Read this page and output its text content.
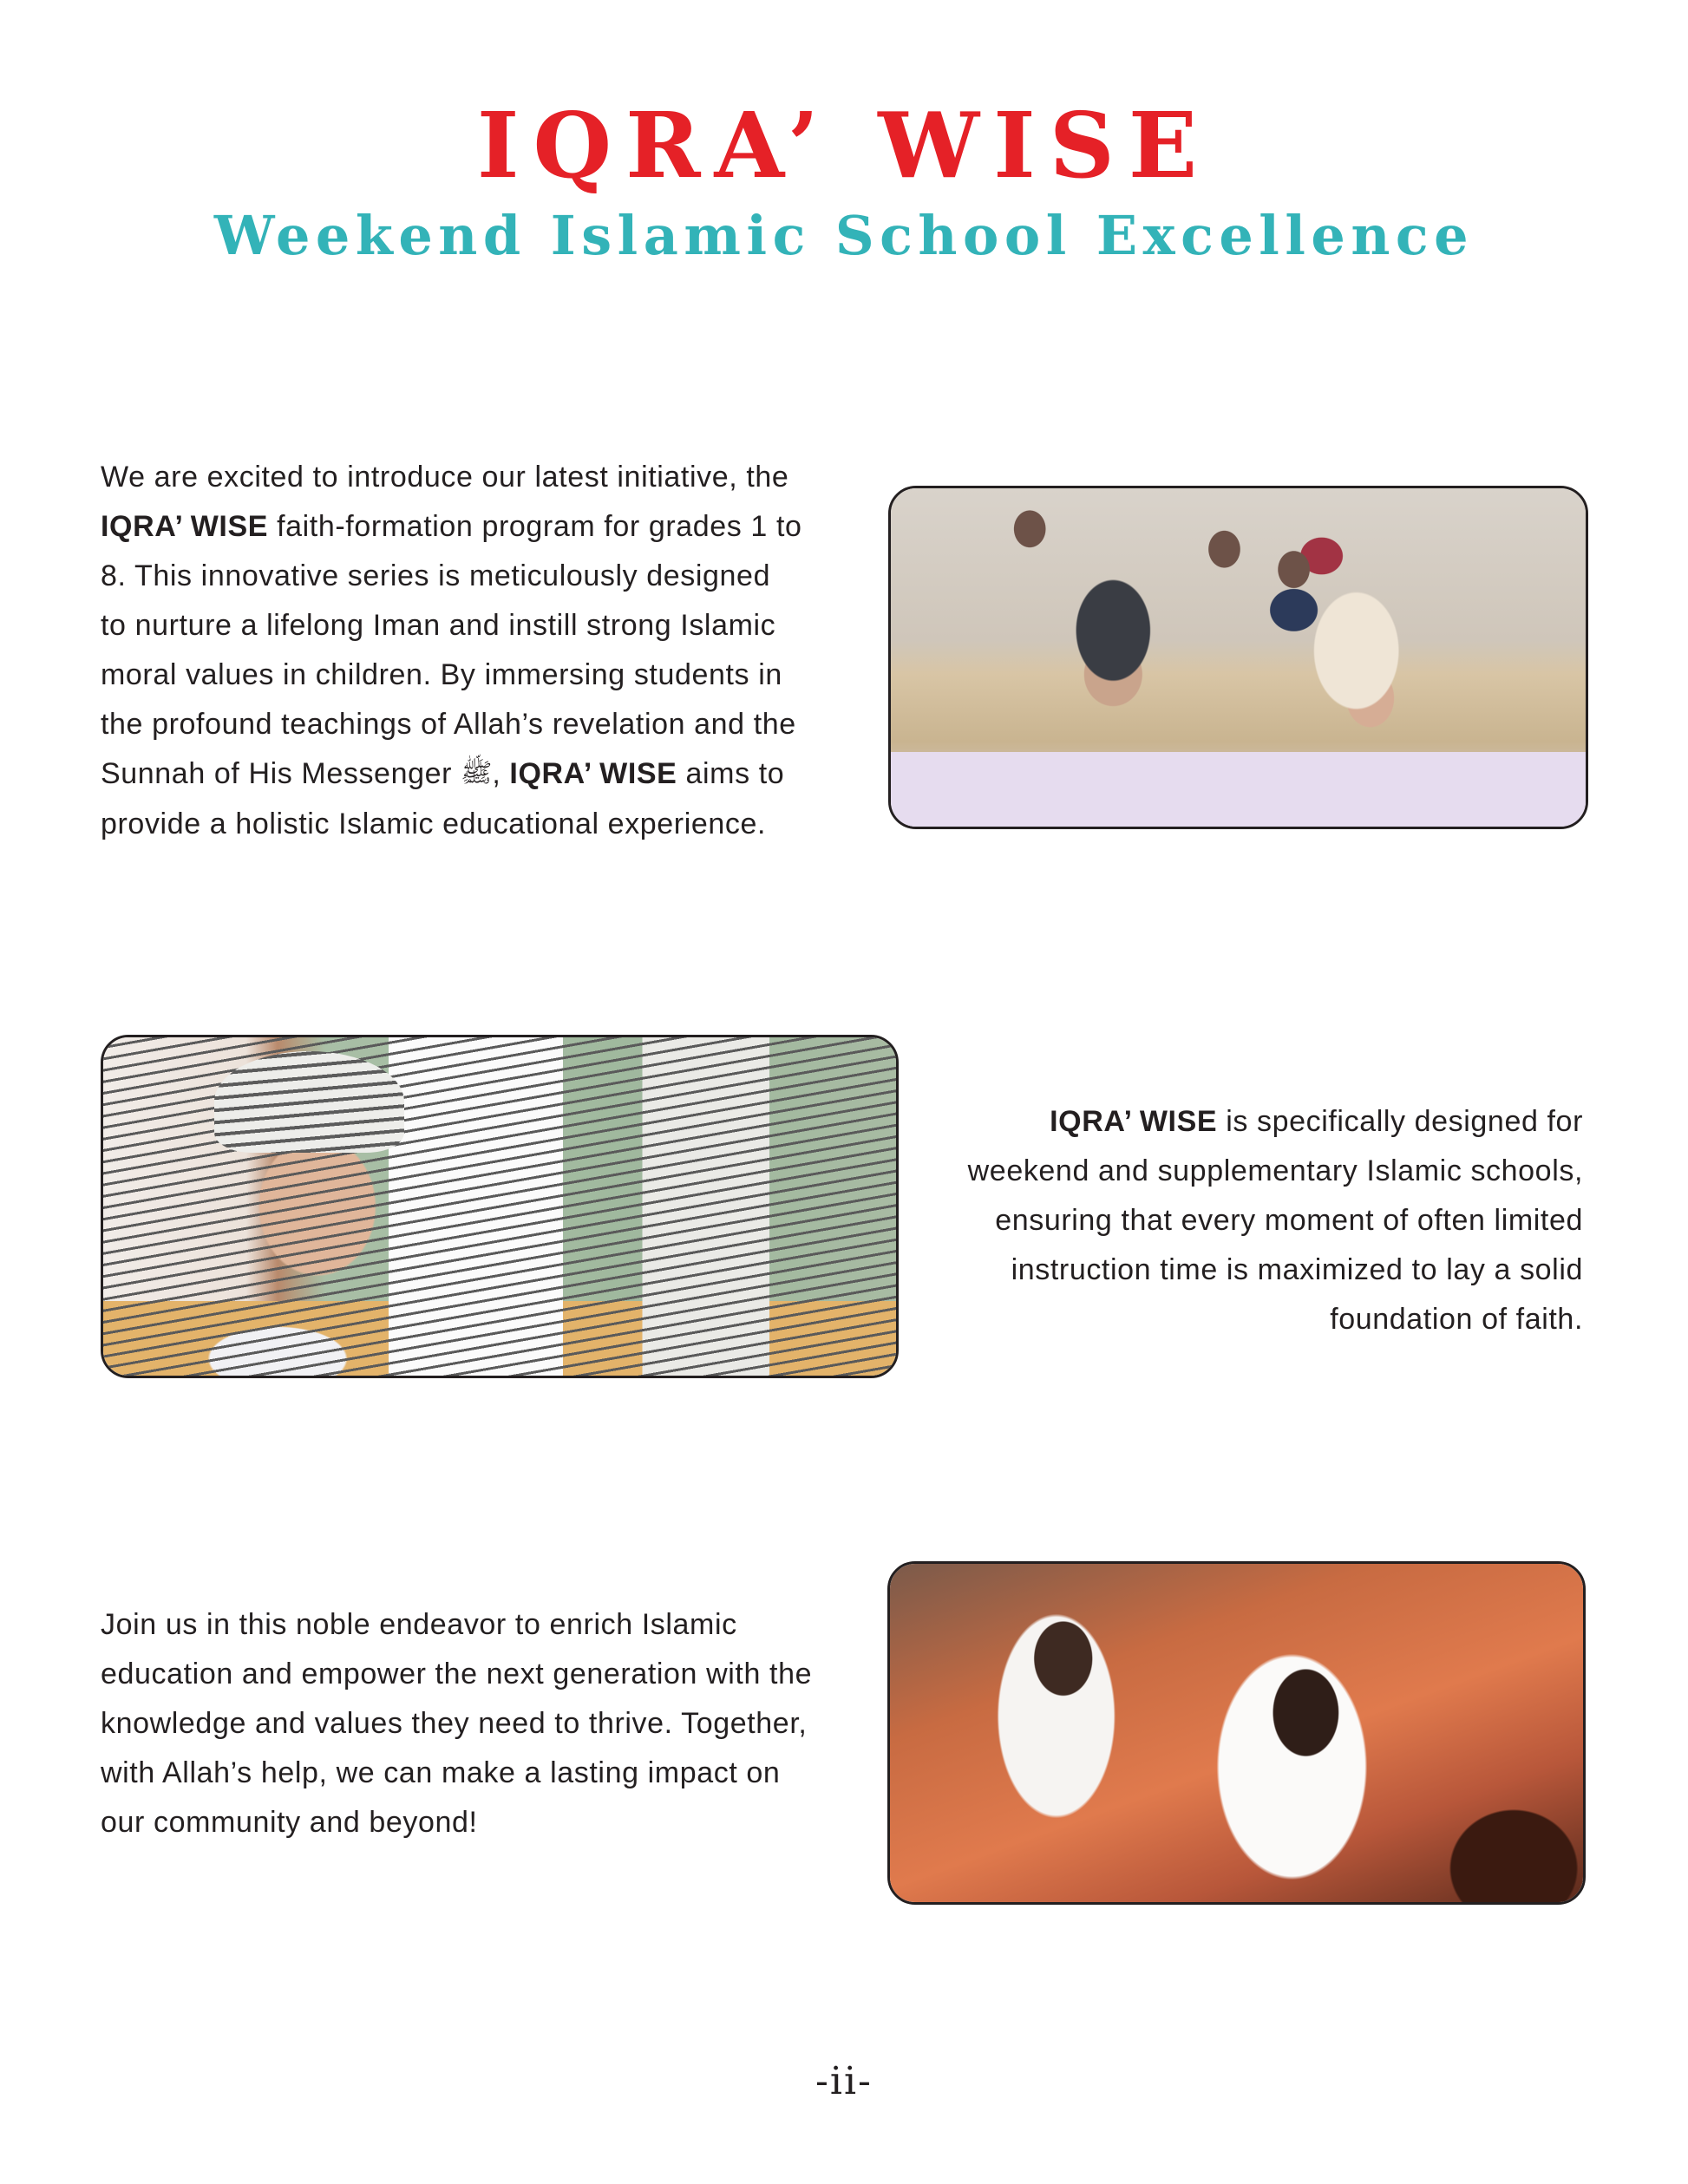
IQRA’ WISE
Weekend Islamic School Excellence

We are excited to introduce our latest initiative, the
IQRA’ WISE faith-formation program for grades 1 to
8. This innovative series is meticulously designed
to nurture a lifelong Iman and instill strong Islamic
moral values in children. By immersing students in
the profound teachings of Allah’s revelation and the
Sunnah of His Messenger ﷺ, IQRA’ WISE aims to
provide a holistic Islamic educational experience.

IQRA’ WISE is specifically designed for
weekend and supplementary Islamic schools,
ensuring that every moment of often limited
instruction time is maximized to lay a solid
foundation of faith.

Join us in this noble endeavor to enrich Islamic
education and empower the next generation with the
knowledge and values they need to thrive. Together,
with Allah’s help, we can make a lasting impact on
our community and beyond!

-ii-
